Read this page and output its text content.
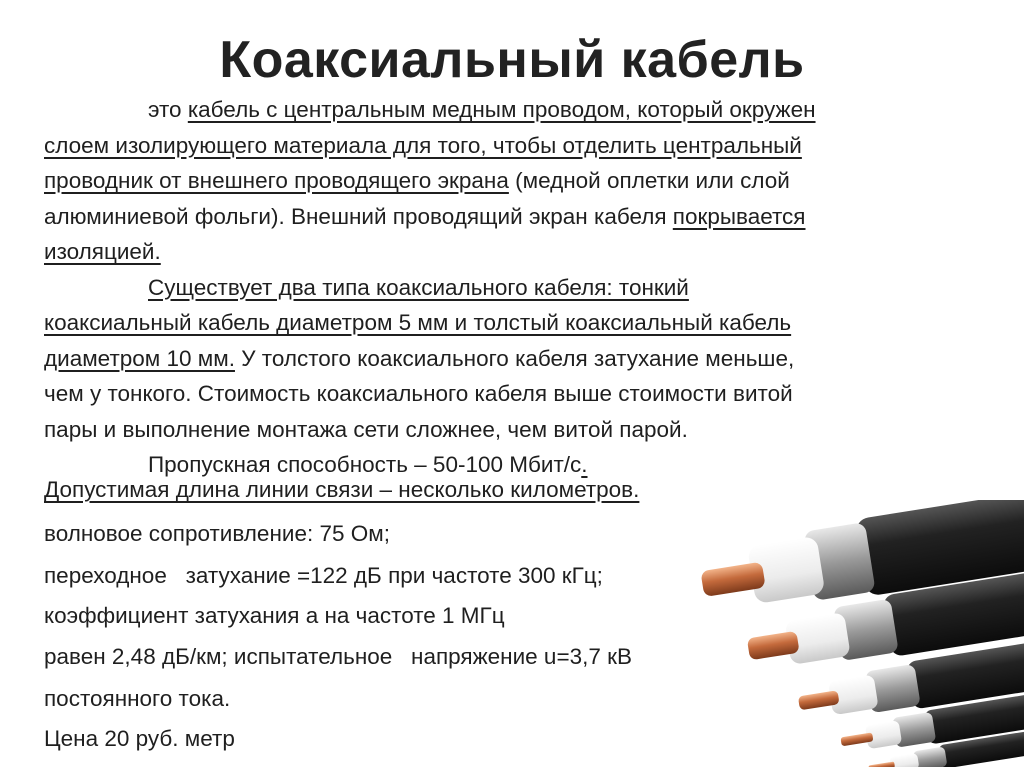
Коаксиальный кабель

это кабель с центральным медным проводом, который окружен

слоем изолирующего материала для того, чтобы отделить центральный

проводник от внешнего проводящего экрана (медной оплетки или слой

алюминиевой фольги). Внешний проводящий экран кабеля покрывается

изоляцией.

Существует два типа коаксиального кабеля: тонкий

коаксиальный кабель диаметром 5 мм и толстый коаксиальный кабель

диаметром 10 мм. У толстого коаксиального кабеля затухание меньше,

чем у тонкого. Стоимость коаксиального кабеля выше стоимости витой

пары и выполнение монтажа сети сложнее, чем витой парой.

Пропускная способность – 50-100 Мбит/с.

Допустимая длина линии связи – несколько километров.
волновое сопротивление: 75 Ом;
переходное   затухание =122 дБ при частоте 300 кГц;
коэффициент затухания а на частоте 1 МГц
равен 2,48 дБ/км; испытательное   напряжение u=3,7 кВ
постоянного тока.
Цена 20 руб. метр
